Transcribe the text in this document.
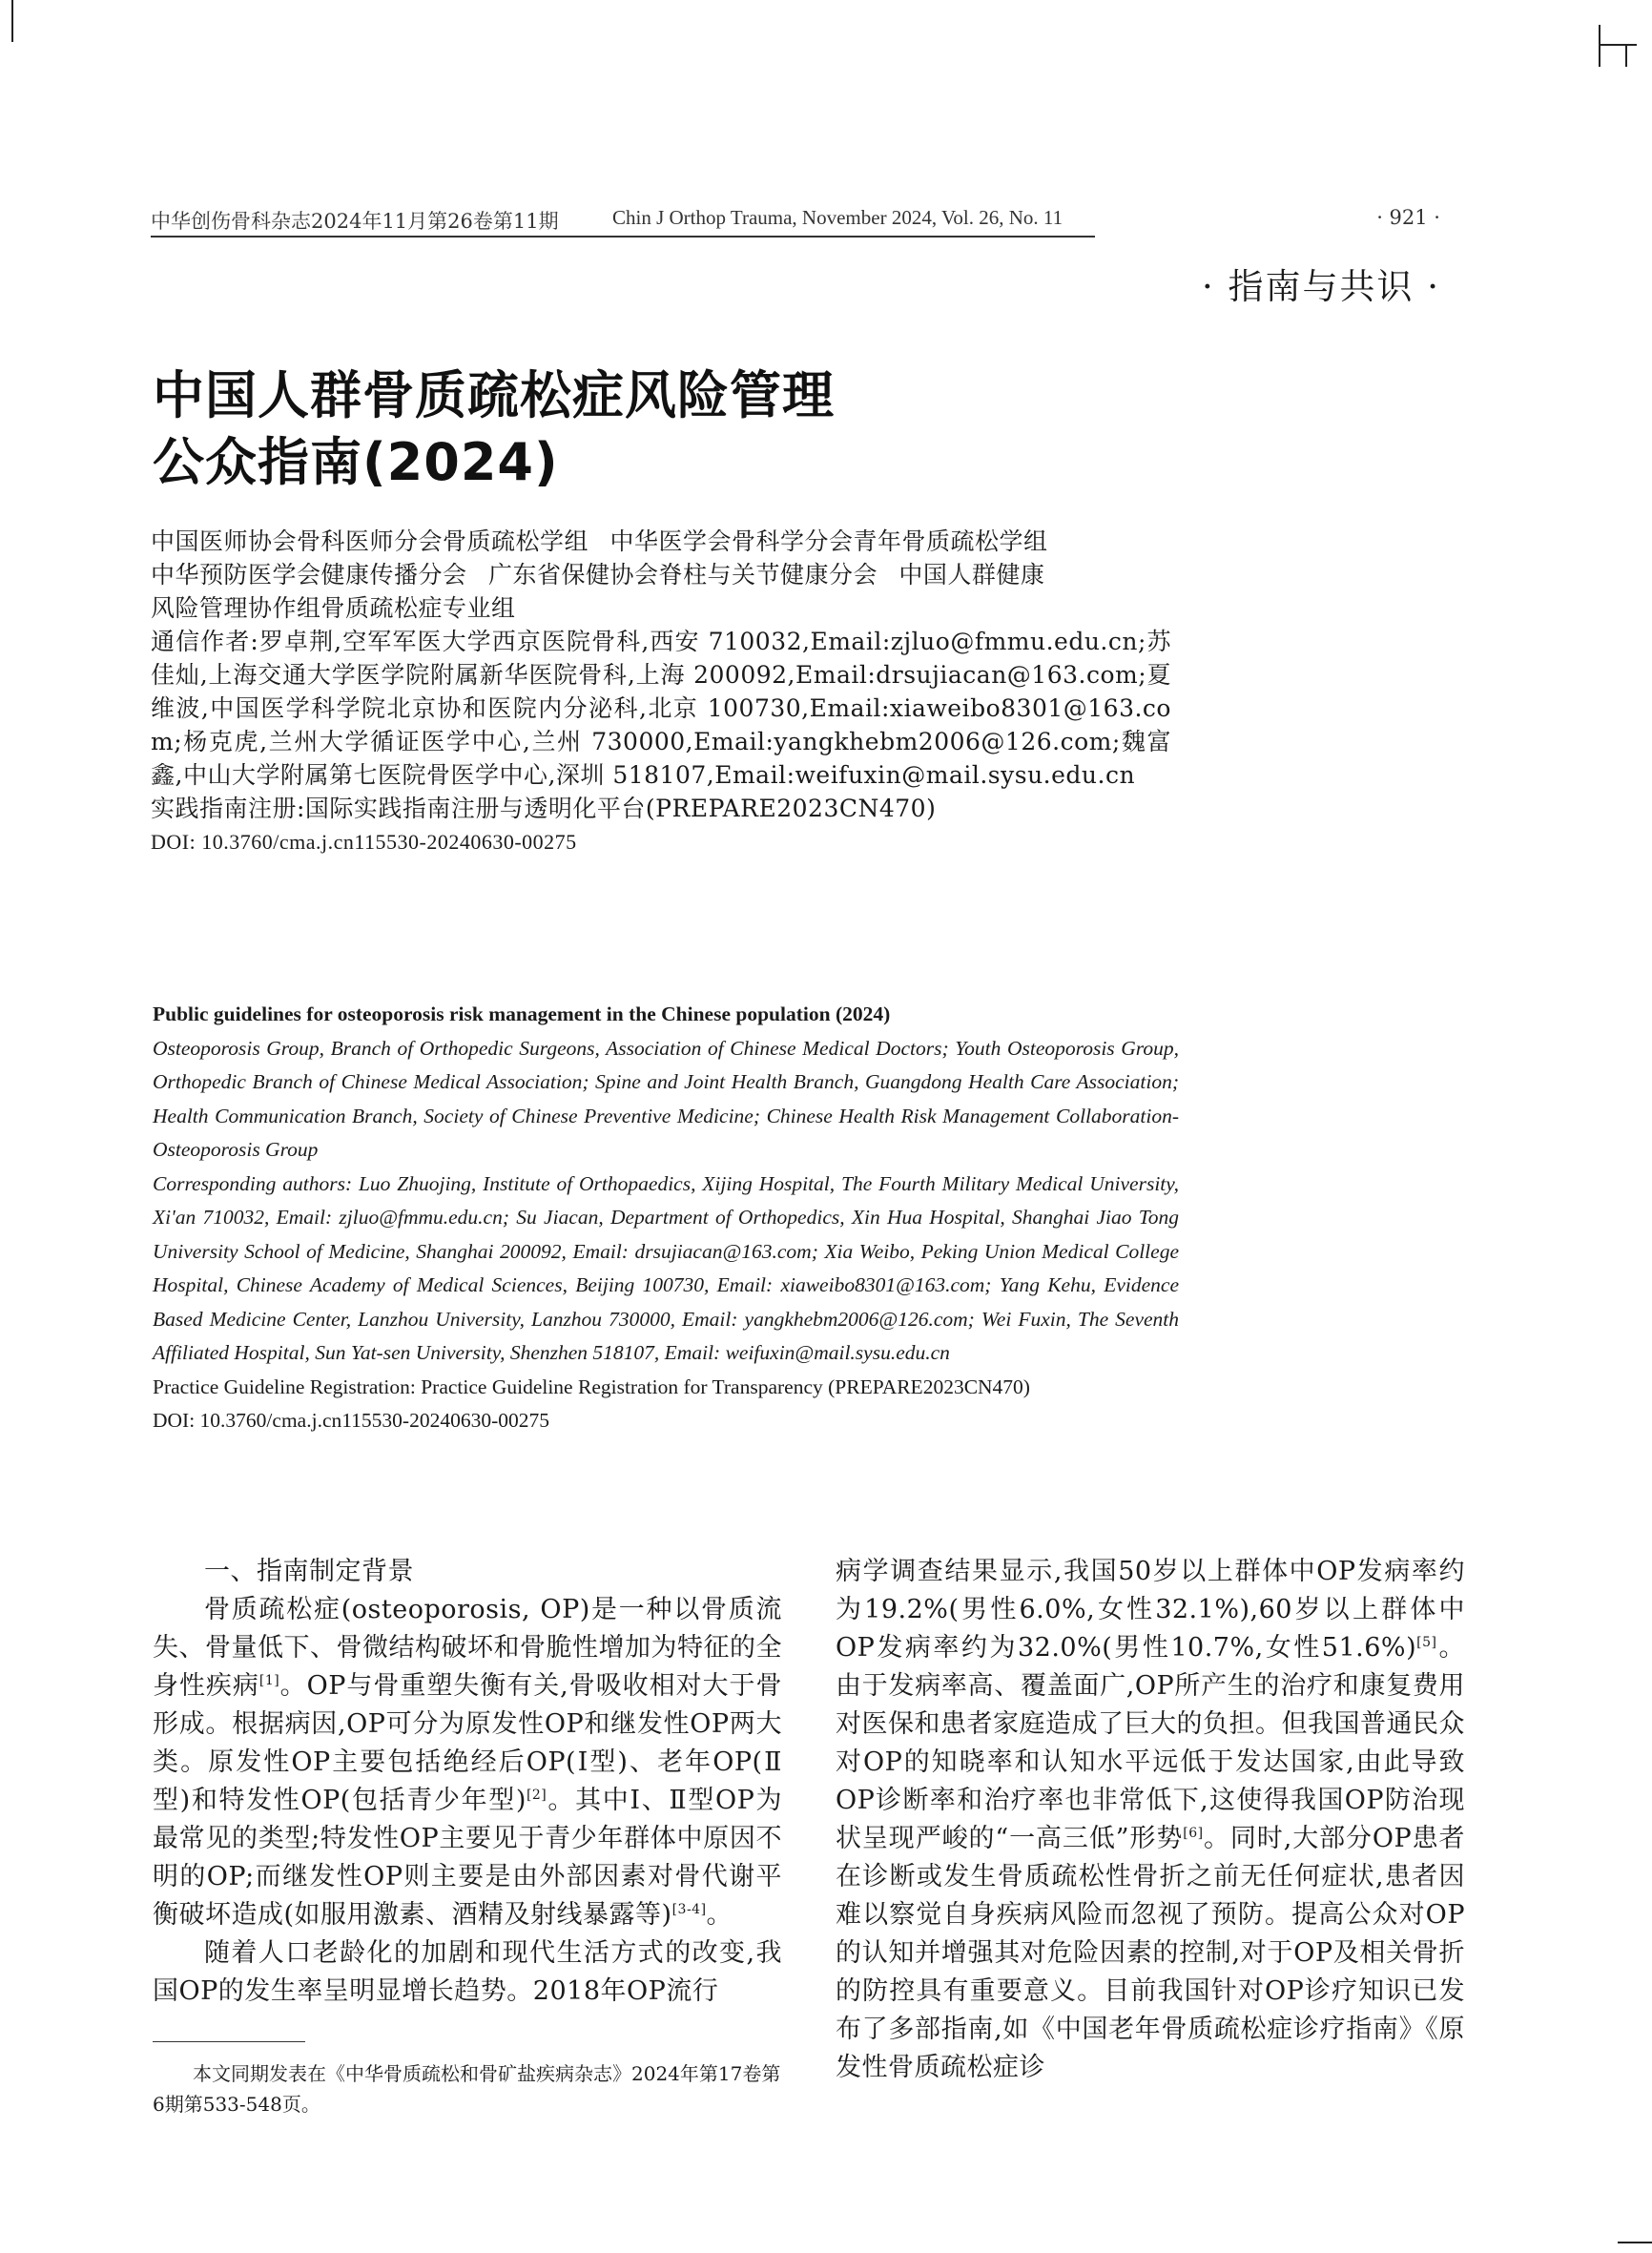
中华创伤骨科杂志2024年11月第26卷第11期	Chin J Orthop Trauma, November 2024, Vol. 26, No. 11	· 921 ·
· 指南与共识 ·
中国人群骨质疏松症风险管理
公众指南(2024)

中国医师协会骨科医师分会骨质疏松学组 中华医学会骨科学分会青年骨质疏松学组

中华预防医学会健康传播分会 广东省保健协会脊柱与关节健康分会 中国人群健康

风险管理协作组骨质疏松症专业组

通信作者:罗卓荆,空军军医大学西京医院骨科,西安 710032,Email:zjluo@fmmu.edu.cn;苏佳灿,上海交通大学医学院附属新华医院骨科,上海 200092,Email:drsujiacan@163.com;夏维波,中国医学科学院北京协和医院内分泌科,北京 100730,Email:xiaweibo8301@163.com;杨克虎,兰州大学循证医学中心,兰州 730000,Email:yangkhebm2006@126.com;魏富鑫,中山大学附属第七医院骨医学中心,深圳 518107,Email:weifuxin@mail.sysu.edu.cn

实践指南注册:国际实践指南注册与透明化平台(PREPARE2023CN470)

DOI: 10.3760/cma.j.cn115530-20240630-00275

Public guidelines for osteoporosis risk management in the Chinese population (2024)

Osteoporosis Group, Branch of Orthopedic Surgeons, Association of Chinese Medical Doctors; Youth Osteoporosis Group, Orthopedic Branch of Chinese Medical Association; Spine and Joint Health Branch, Guangdong Health Care Association; Health Communication Branch, Society of Chinese Preventive Medicine; Chinese Health Risk Management Collaboration-Osteoporosis Group

Corresponding authors: Luo Zhuojing, Institute of Orthopaedics, Xijing Hospital, The Fourth Military Medical University, Xi'an 710032, Email: zjluo@fmmu.edu.cn; Su Jiacan, Department of Orthopedics, Xin Hua Hospital, Shanghai Jiao Tong University School of Medicine, Shanghai 200092, Email: drsujiacan@163.com; Xia Weibo, Peking Union Medical College Hospital, Chinese Academy of Medical Sciences, Beijing 100730, Email: xiaweibo8301@163.com; Yang Kehu, Evidence Based Medicine Center, Lanzhou University, Lanzhou 730000, Email: yangkhebm2006@126.com; Wei Fuxin, The Seventh Affiliated Hospital, Sun Yat-sen University, Shenzhen 518107, Email: weifuxin@mail.sysu.edu.cn

Practice Guideline Registration: Practice Guideline Registration for Transparency (PREPARE2023CN470)

DOI: 10.3760/cma.j.cn115530-20240630-00275

一、指南制定背景

骨质疏松症(osteoporosis, OP)是一种以骨质流失、骨量低下、骨微结构破坏和骨脆性增加为特征的全身性疾病[1]。OP与骨重塑失衡有关,骨吸收相对大于骨形成。根据病因,OP可分为原发性OP和继发性OP两大类。原发性OP主要包括绝经后OP(Ⅰ型)、老年OP(Ⅱ型)和特发性OP(包括青少年型)[2]。其中Ⅰ、Ⅱ型OP为最常见的类型;特发性OP主要见于青少年群体中原因不明的OP;而继发性OP则主要是由外部因素对骨代谢平衡破坏造成(如服用激素、酒精及射线暴露等)[3-4]。

随着人口老龄化的加剧和现代生活方式的改变,我国OP的发生率呈明显增长趋势。2018年OP流行

病学调查结果显示,我国50岁以上群体中OP发病率约为19.2%(男性6.0%,女性32.1%),60岁以上群体中OP发病率约为32.0%(男性10.7%,女性51.6%)[5]。由于发病率高、覆盖面广,OP所产生的治疗和康复费用对医保和患者家庭造成了巨大的负担。但我国普通民众对OP的知晓率和认知水平远低于发达国家,由此导致OP诊断率和治疗率也非常低下,这使得我国OP防治现状呈现严峻的“一高三低”形势[6]。同时,大部分OP患者在诊断或发生骨质疏松性骨折之前无任何症状,患者因难以察觉自身疾病风险而忽视了预防。提高公众对OP的认知并增强其对危险因素的控制,对于OP及相关骨折的防控具有重要意义。目前我国针对OP诊疗知识已发布了多部指南,如《中国老年骨质疏松症诊疗指南》《原发性骨质疏松症诊

本文同期发表在《中华骨质疏松和骨矿盐疾病杂志》2024年第17卷第6期第533-548页。
